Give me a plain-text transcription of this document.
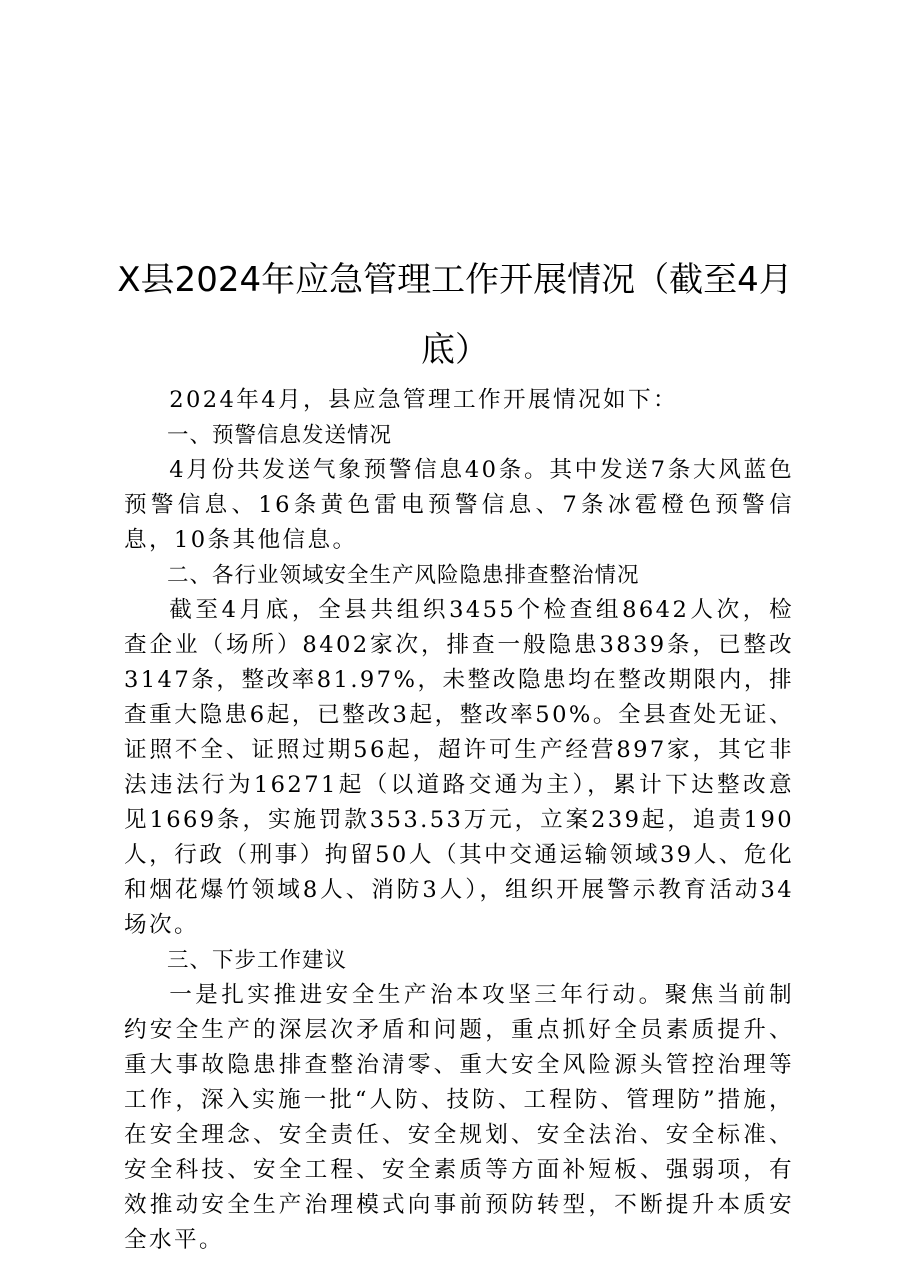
X县2024年应急管理工作开展情况（截至4月底）

2024年4月，县应急管理工作开展情况如下：

一、预警信息发送情况

4月份共发送气象预警信息40条。其中发送7条大风蓝色预警信息、16条黄色雷电预警信息、7条冰雹橙色预警信息，10条其他信息。

二、各行业领域安全生产风险隐患排查整治情况

截至4月底，全县共组织3455个检查组8642人次，检查企业（场所）8402家次，排查一般隐患3839条，已整改3147条，整改率81.97%，未整改隐患均在整改期限内，排查重大隐患6起，已整改3起，整改率50%。全县查处无证、证照不全、证照过期56起，超许可生产经营897家，其它非法违法行为16271起（以道路交通为主），累计下达整改意见1669条，实施罚款353.53万元，立案239起，追责190人，行政（刑事）拘留50人（其中交通运输领域39人、危化和烟花爆竹领域8人、消防3人），组织开展警示教育活动34场次。

三、下步工作建议

一是扎实推进安全生产治本攻坚三年行动。聚焦当前制约安全生产的深层次矛盾和问题，重点抓好全员素质提升、重大事故隐患排查整治清零、重大安全风险源头管控治理等工作，深入实施一批“人防、技防、工程防、管理防”措施，在安全理念、安全责任、安全规划、安全法治、安全标准、安全科技、安全工程、安全素质等方面补短板、强弱项，有效推动安全生产治理模式向事前预防转型，不断提升本质安全水平。
